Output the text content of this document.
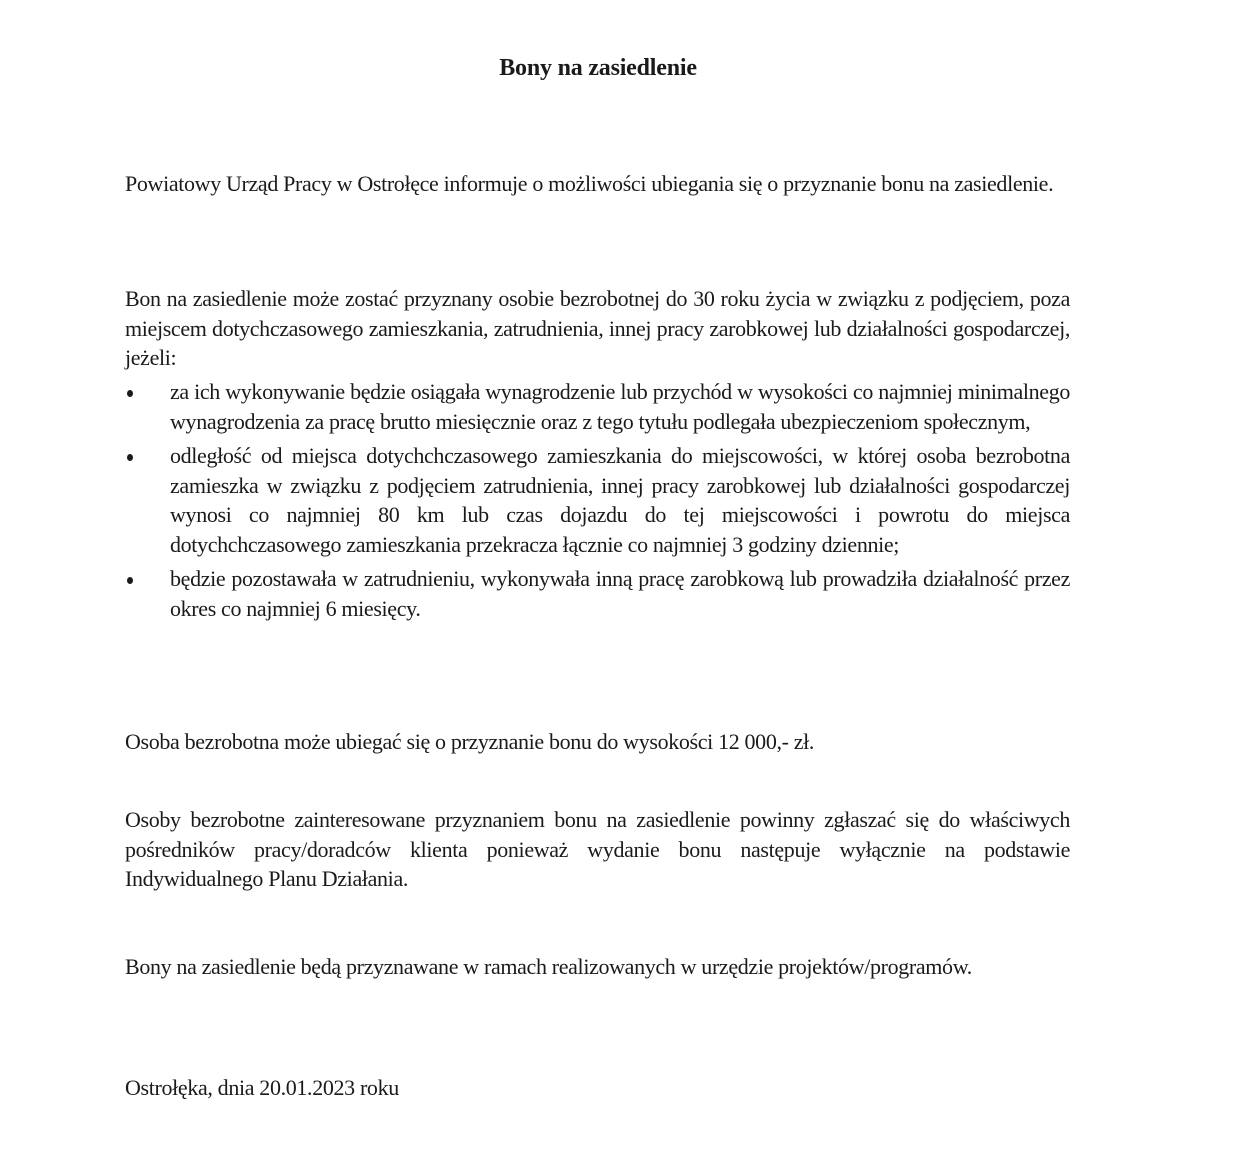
Bony na zasiedlenie
Powiatowy Urząd Pracy w Ostrołęce informuje o możliwości ubiegania się o przyznanie bonu na zasiedlenie.
Bon na zasiedlenie może zostać przyznany osobie bezrobotnej do 30 roku życia w związku z podjęciem, poza miejscem dotychczasowego zamieszkania, zatrudnienia, innej pracy zarobkowej lub działalności gospodarczej, jeżeli:
za ich wykonywanie będzie osiągała wynagrodzenie lub przychód w wysokości co najmniej minimalnego wynagrodzenia za pracę brutto miesięcznie oraz z tego tytułu podlegała ubezpieczeniom społecznym,
odległość od miejsca dotychchczasowego zamieszkania do miejscowości, w której osoba bezrobotna zamieszka w związku z podjęciem zatrudnienia, innej pracy zarobkowej lub działalności gospodarczej wynosi co najmniej 80 km lub czas dojazdu do tej miejscowości i powrotu do miejsca dotychchczasowego zamieszkania przekracza łącznie co najmniej 3 godziny dziennie;
będzie pozostawała w zatrudnieniu, wykonywała inną pracę zarobkową lub prowadziła działalność przez okres co najmniej 6 miesięcy.
Osoba bezrobotna może ubiegać się o przyznanie bonu do wysokości 12 000,- zł.
Osoby bezrobotne zainteresowane przyznaniem bonu na zasiedlenie powinny zgłaszać się do właściwych pośredników pracy/doradców klienta ponieważ wydanie bonu następuje wyłącznie na podstawie Indywidualnego Planu Działania.
Bony na zasiedlenie będą przyznawane w ramach realizowanych w urzędzie projektów/programów.
Ostrołęka, dnia 20.01.2023 roku
